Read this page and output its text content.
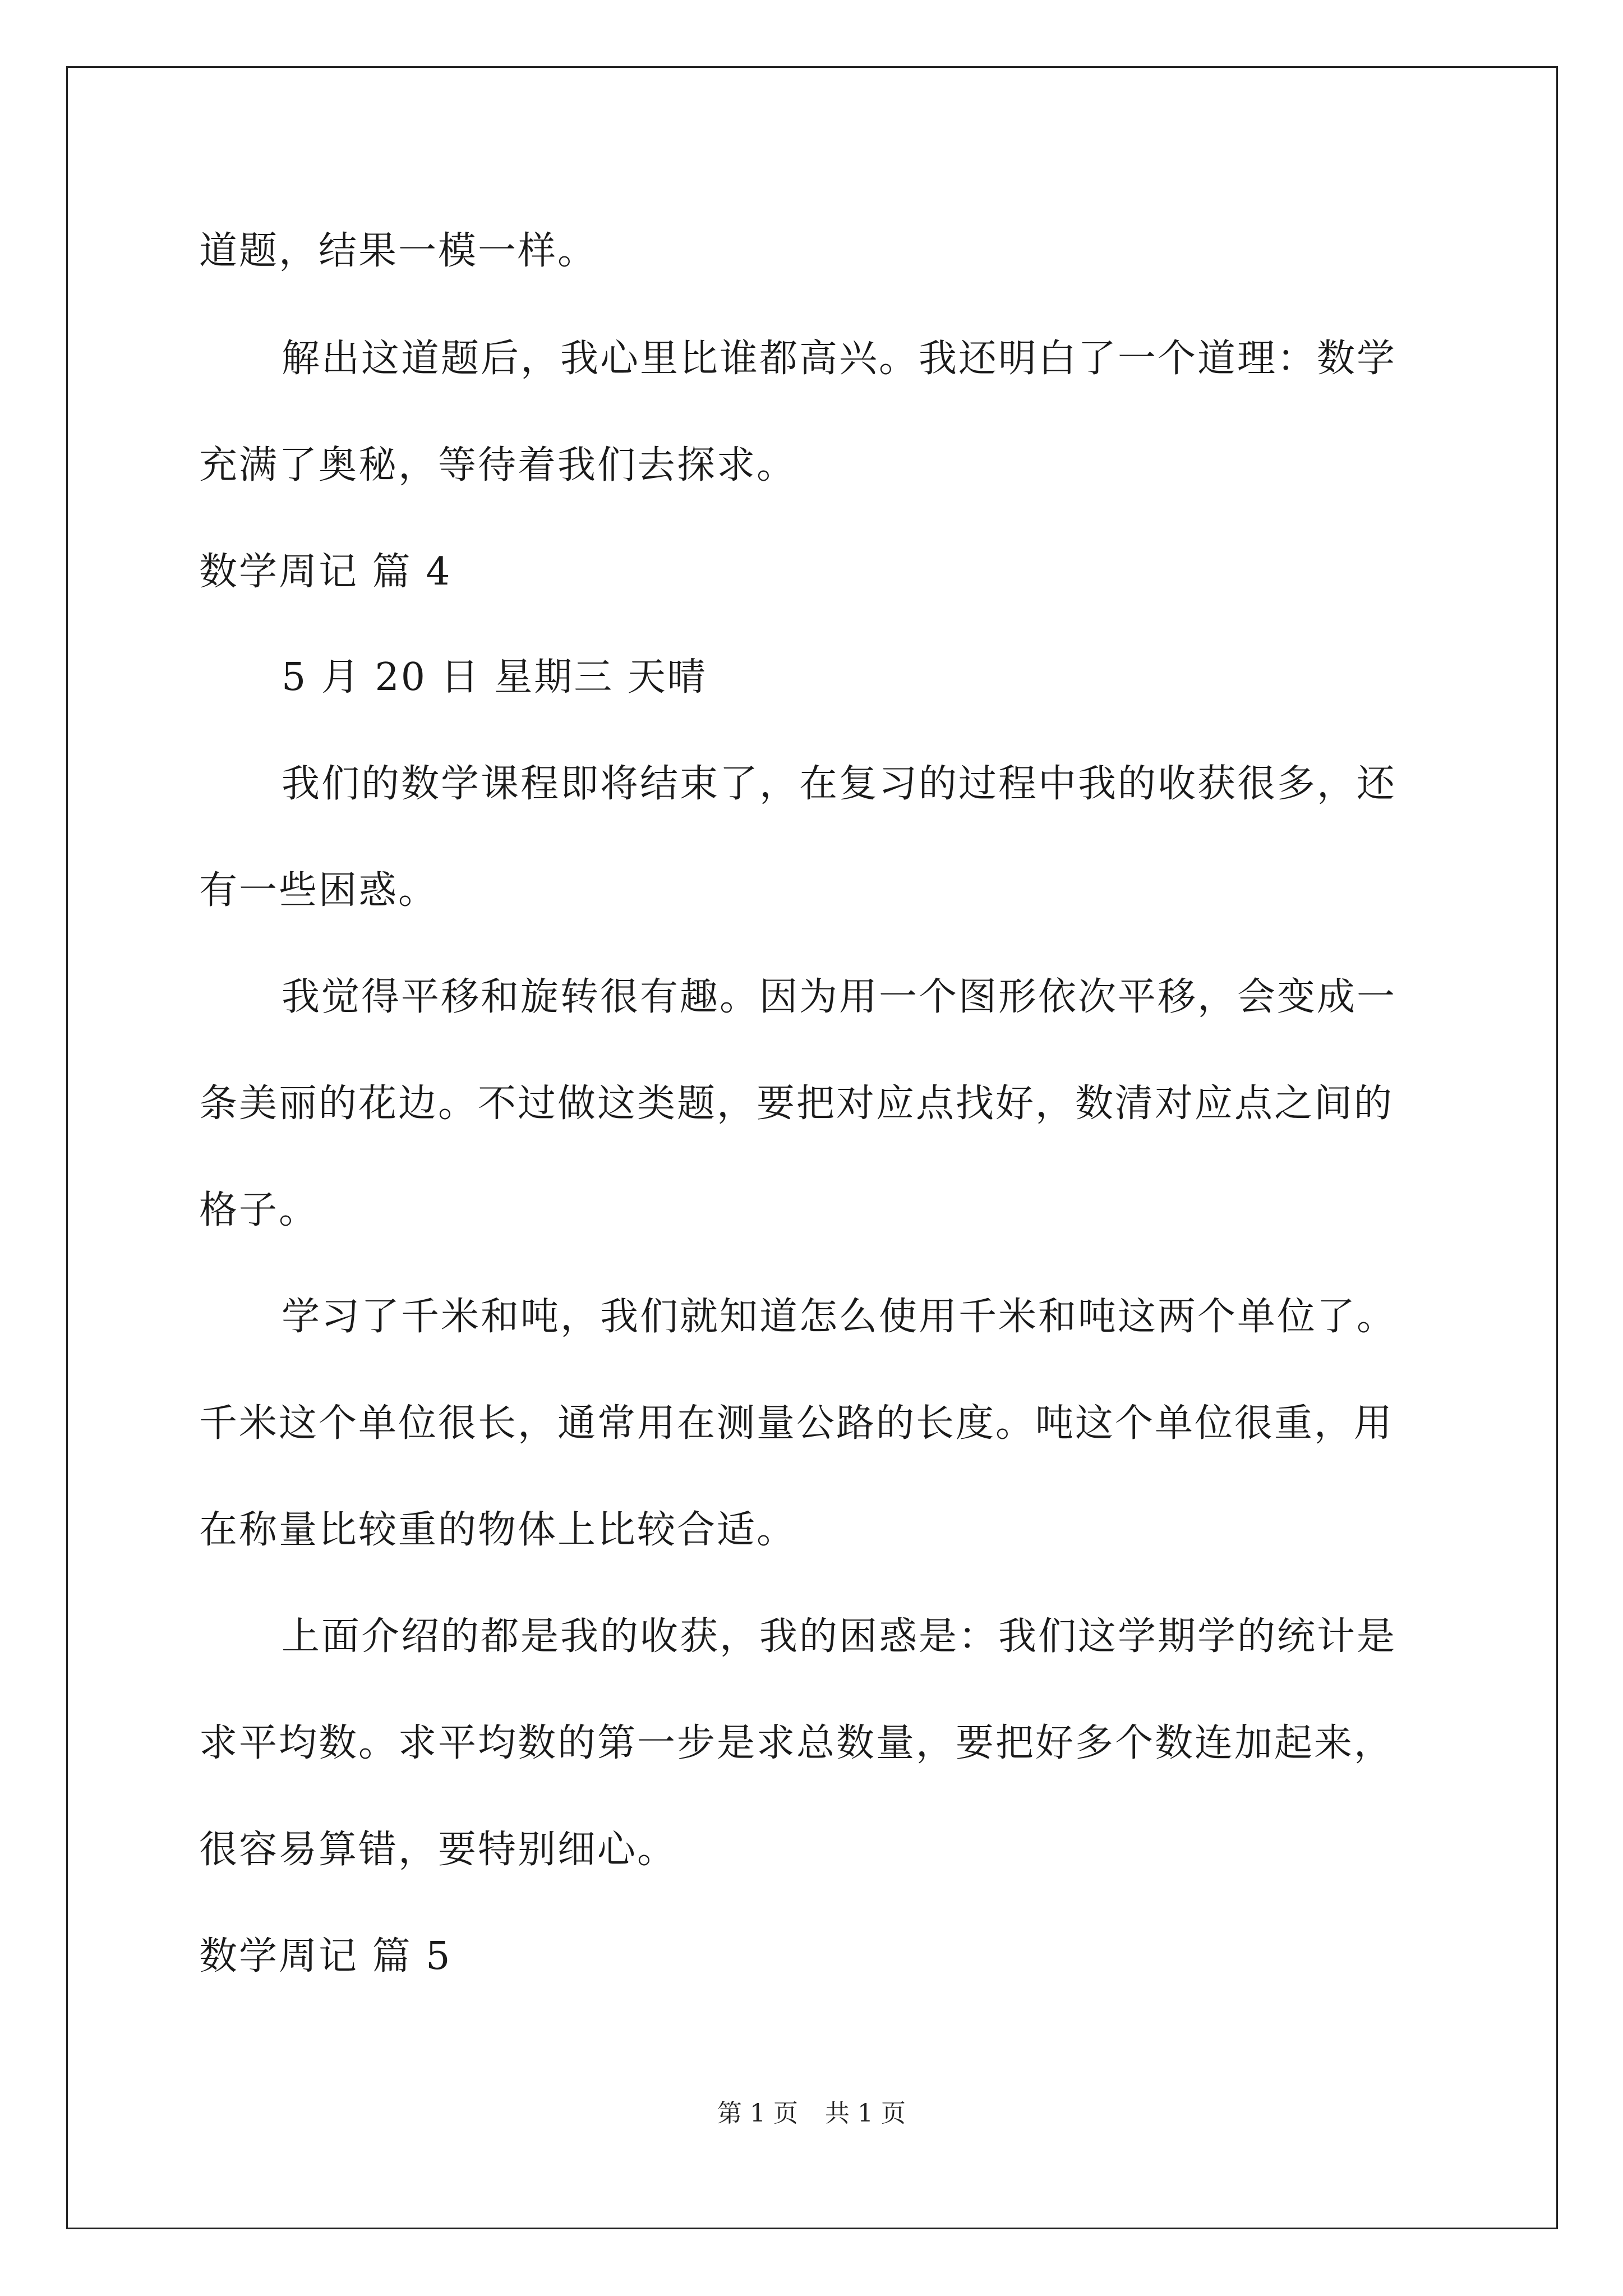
道题，结果一模一样。
解出这道题后，我心里比谁都高兴。我还明白了一个道理：数学
充满了奥秘，等待着我们去探求。
数学周记 篇 4
5 月 20 日 星期三 天晴
我们的数学课程即将结束了，在复习的过程中我的收获很多，还
有一些困惑。
我觉得平移和旋转很有趣。因为用一个图形依次平移，会变成一
条美丽的花边。不过做这类题，要把对应点找好，数清对应点之间的
格子。
学习了千米和吨，我们就知道怎么使用千米和吨这两个单位了。
千米这个单位很长，通常用在测量公路的长度。吨这个单位很重，用
在称量比较重的物体上比较合适。
上面介绍的都是我的收获，我的困惑是：我们这学期学的统计是
求平均数。求平均数的第一步是求总数量，要把好多个数连加起来，
很容易算错，要特别细心。
数学周记 篇 5
第 1 页 共 1 页
